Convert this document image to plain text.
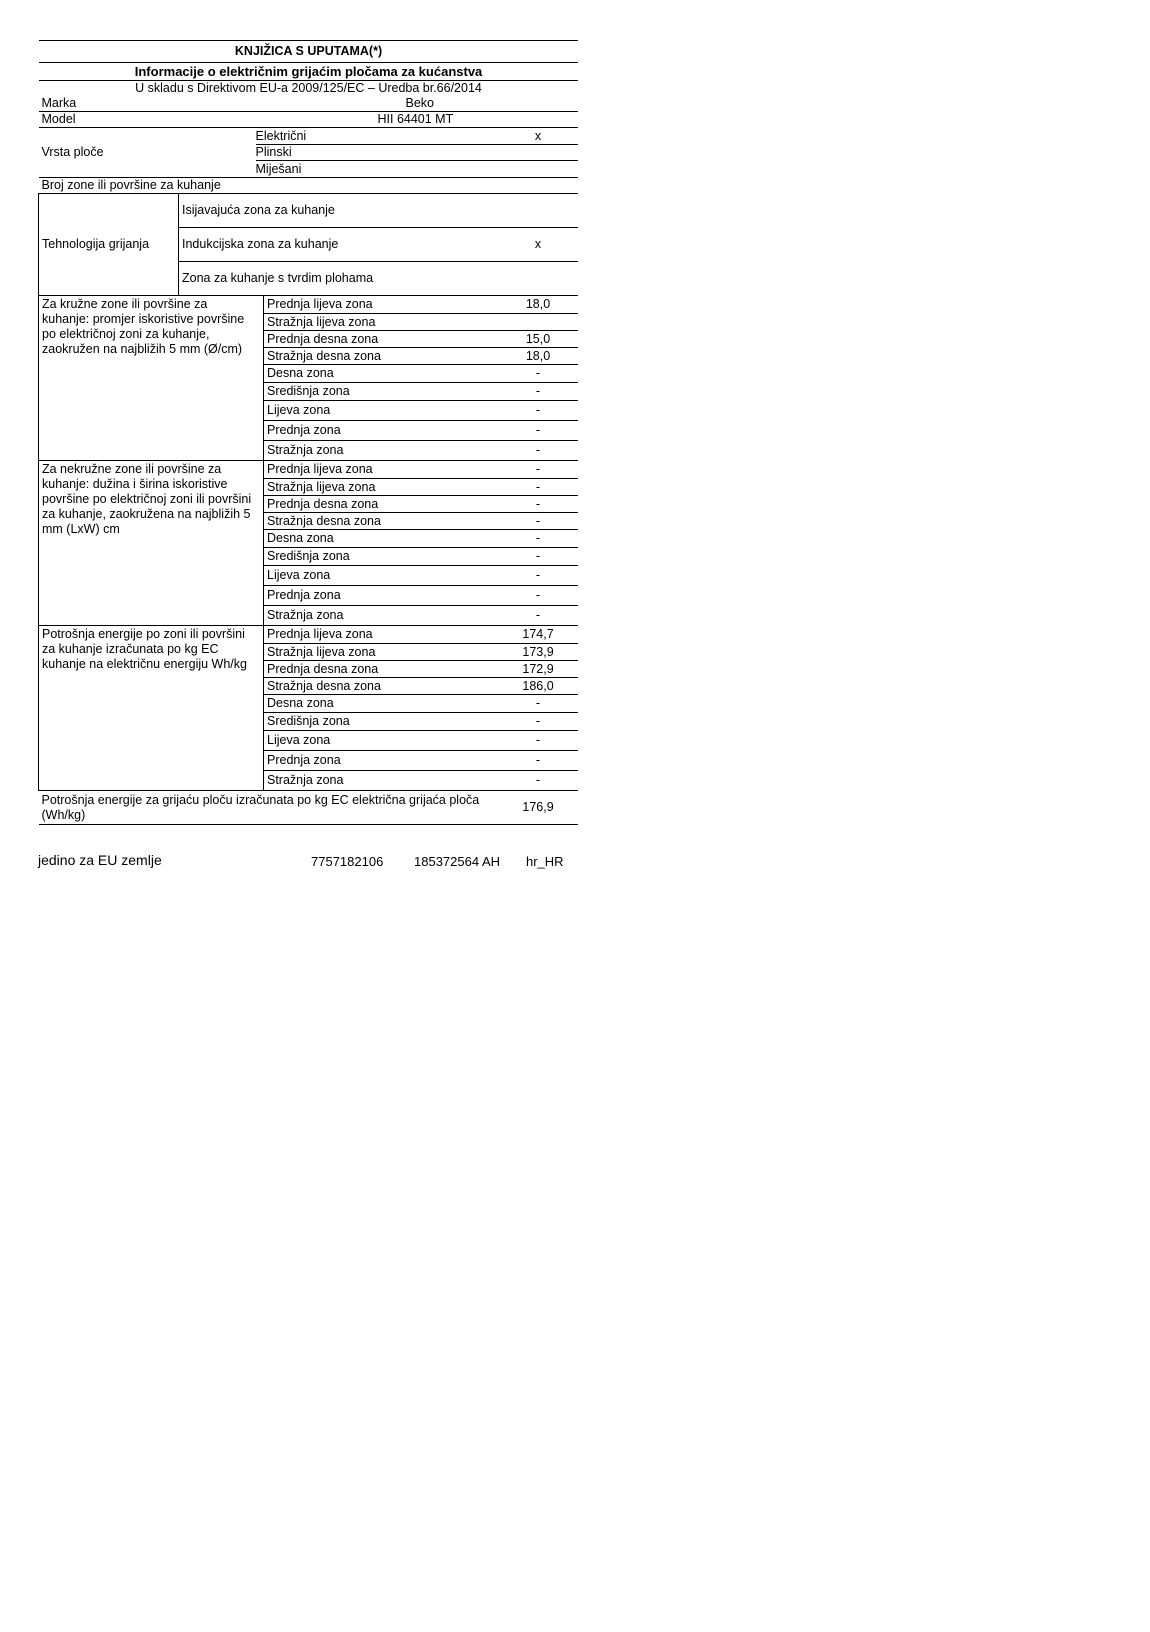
KNJIŽICA S UPUTAMA(*)				
Informacije o električnim grijaćim pločama za kućanstva				
U skladu s Direktivom EU-a 2009/125/EC – Uredba br.66/2014				
Marka		Beko		
Model		HII 64401 MT		
Vrsta ploče		Električni		x
		Plinski		
		Miješani		
Broj zone ili površine za kuhanje				
Tehnologija grijanja	Isijavajuća zona za kuhanje			
	Indukcijska zona za kuhanje			x
	Zona za kuhanje s tvrdim plohama			
Za kružne zone ili površine za kuhanje: promjer iskoristive površine po električnoj zoni za kuhanje, zaokružen na najbližih 5 mm (Ø/cm)			Prednja lijeva zona	18,0
			Stražnja lijeva zona	
			Prednja desna zona	15,0
			Stražnja desna zona	18,0
			Desna zona	-
			Središnja zona	-
			Lijeva zona	-
			Prednja zona	-
			Stražnja zona	-
Za nekružne zone ili površine za kuhanje: dužina i širina iskoristive površine po električnoj zoni ili površini za kuhanje, zaokružena na najbližih 5 mm (LxW) cm			Prednja lijeva zona	-
			Stražnja lijeva zona	-
			Prednja desna zona	-
			Stražnja desna zona	-
			Desna zona	-
			Središnja zona	-
			Lijeva zona	-
			Prednja zona	-
			Stražnja zona	-
Potrošnja energije po zoni ili površini za kuhanje izračunata po kg EC kuhanje na električnu energiju Wh/kg			Prednja lijeva zona	174,7
			Stražnja lijeva zona	173,9
			Prednja desna zona	172,9
			Stražnja desna zona	186,0
			Desna zona	-
			Središnja zona	-
			Lijeva zona	-
			Prednja zona	-
			Stražnja zona	-
Potrošnja energije za grijaću ploču izračunata po kg EC električna grijaća ploča (Wh/kg)				176,9
jedino za EU zemlje	7757182106 185372564 AH hr_HR
